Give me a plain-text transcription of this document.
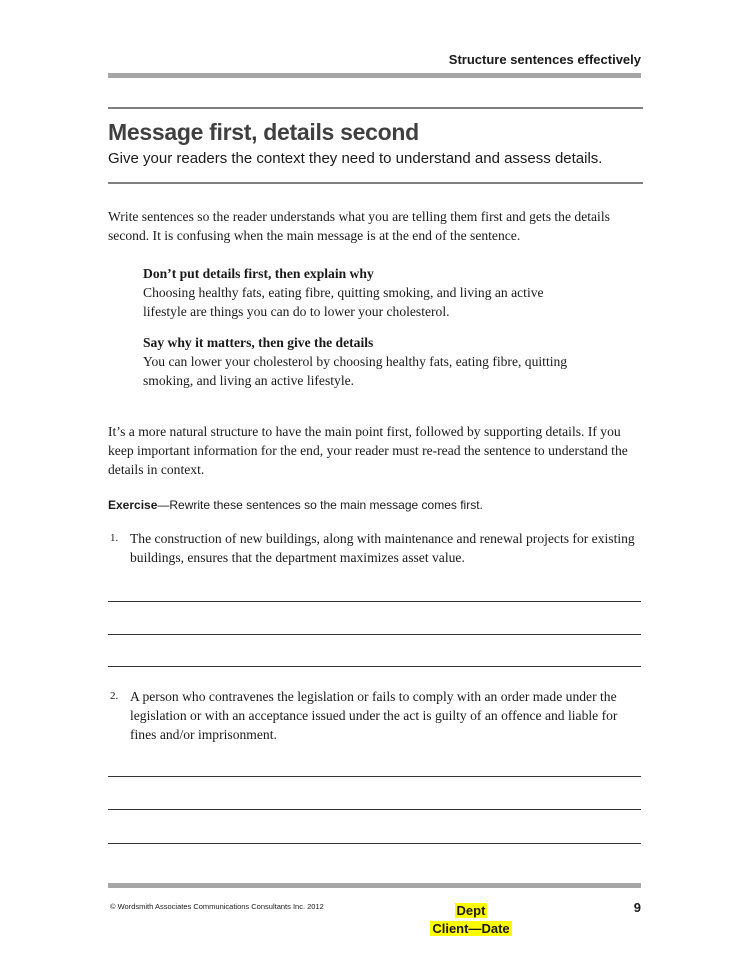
Structure sentences effectively
Message first, details second
Give your readers the context they need to understand and assess details.
Write sentences so the reader understands what you are telling them first and gets the details second. It is confusing when the main message is at the end of the sentence.
Don’t put details first, then explain why
Choosing healthy fats, eating fibre, quitting smoking, and living an active lifestyle are things you can do to lower your cholesterol.
Say why it matters, then give the details
You can lower your cholesterol by choosing healthy fats, eating fibre, quitting smoking, and living an active lifestyle.
It’s a more natural structure to have the main point first, followed by supporting details. If you keep important information for the end, your reader must re-read the sentence to understand the details in context.
Exercise—Rewrite these sentences so the main message comes first.
1. The construction of new buildings, along with maintenance and renewal projects for existing buildings, ensures that the department maximizes asset value.
2. A person who contravenes the legislation or fails to comply with an order made under the legislation or with an acceptance issued under the act is guilty of an offence and liable for fines and/or imprisonment.
© Wordsmith Associates Communications Consultants Inc. 2012	Dept
Client—Date
9
